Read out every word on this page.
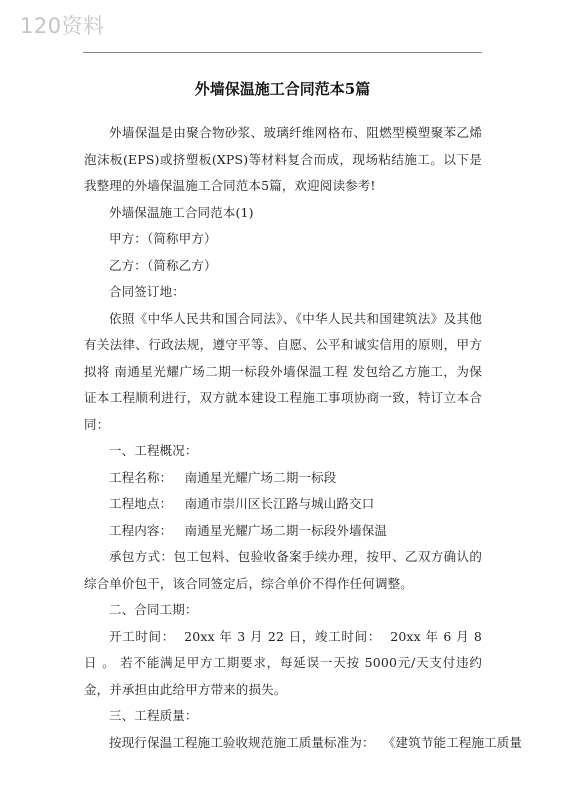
120资料
外墙保温施工合同范本5篇

外墙保温是由聚合物砂浆、玻璃纤维网格布、阻燃型模塑聚苯乙烯泡沫板(EPS)或挤塑板(XPS)等材料复合而成，现场粘结施工。以下是我整理的外墙保温施工合同范本5篇，欢迎阅读参考!

外墙保温施工合同范本(1)

甲方：（简称甲方）

乙方：（简称乙方）

合同签订地：

依照《中华人民共和国合同法》、《中华人民共和国建筑法》及其他有关法律、行政法规，遵守平等、自愿、公平和诚实信用的原则，甲方拟将 南通星光耀广场二期一标段外墙保温工程 发包给乙方施工，为保证本工程顺利进行，双方就本建设工程施工事项协商一致，特订立本合同：

一、工程概况：

工程名称：   南通星光耀广场二期一标段

工程地点：   南通市崇川区长江路与城山路交口

工程内容：   南通星光耀广场二期一标段外墙保温

承包方式：包工包料、包验收备案手续办理，按甲、乙双方确认的综合单价包干，该合同签定后，综合单价不得作任何调整。

二、合同工期：

开工时间：  20xx 年 3 月 22 日，竣工时间：  20xx 年 6 月 8 日 。 若不能满足甲方工期要求，每延误一天按 5000元/天支付违约金，并承担由此给甲方带来的损失。

三、工程质量：

按现行保温工程施工验收规范施工质量标准为：  《建筑节能工程施工质量
